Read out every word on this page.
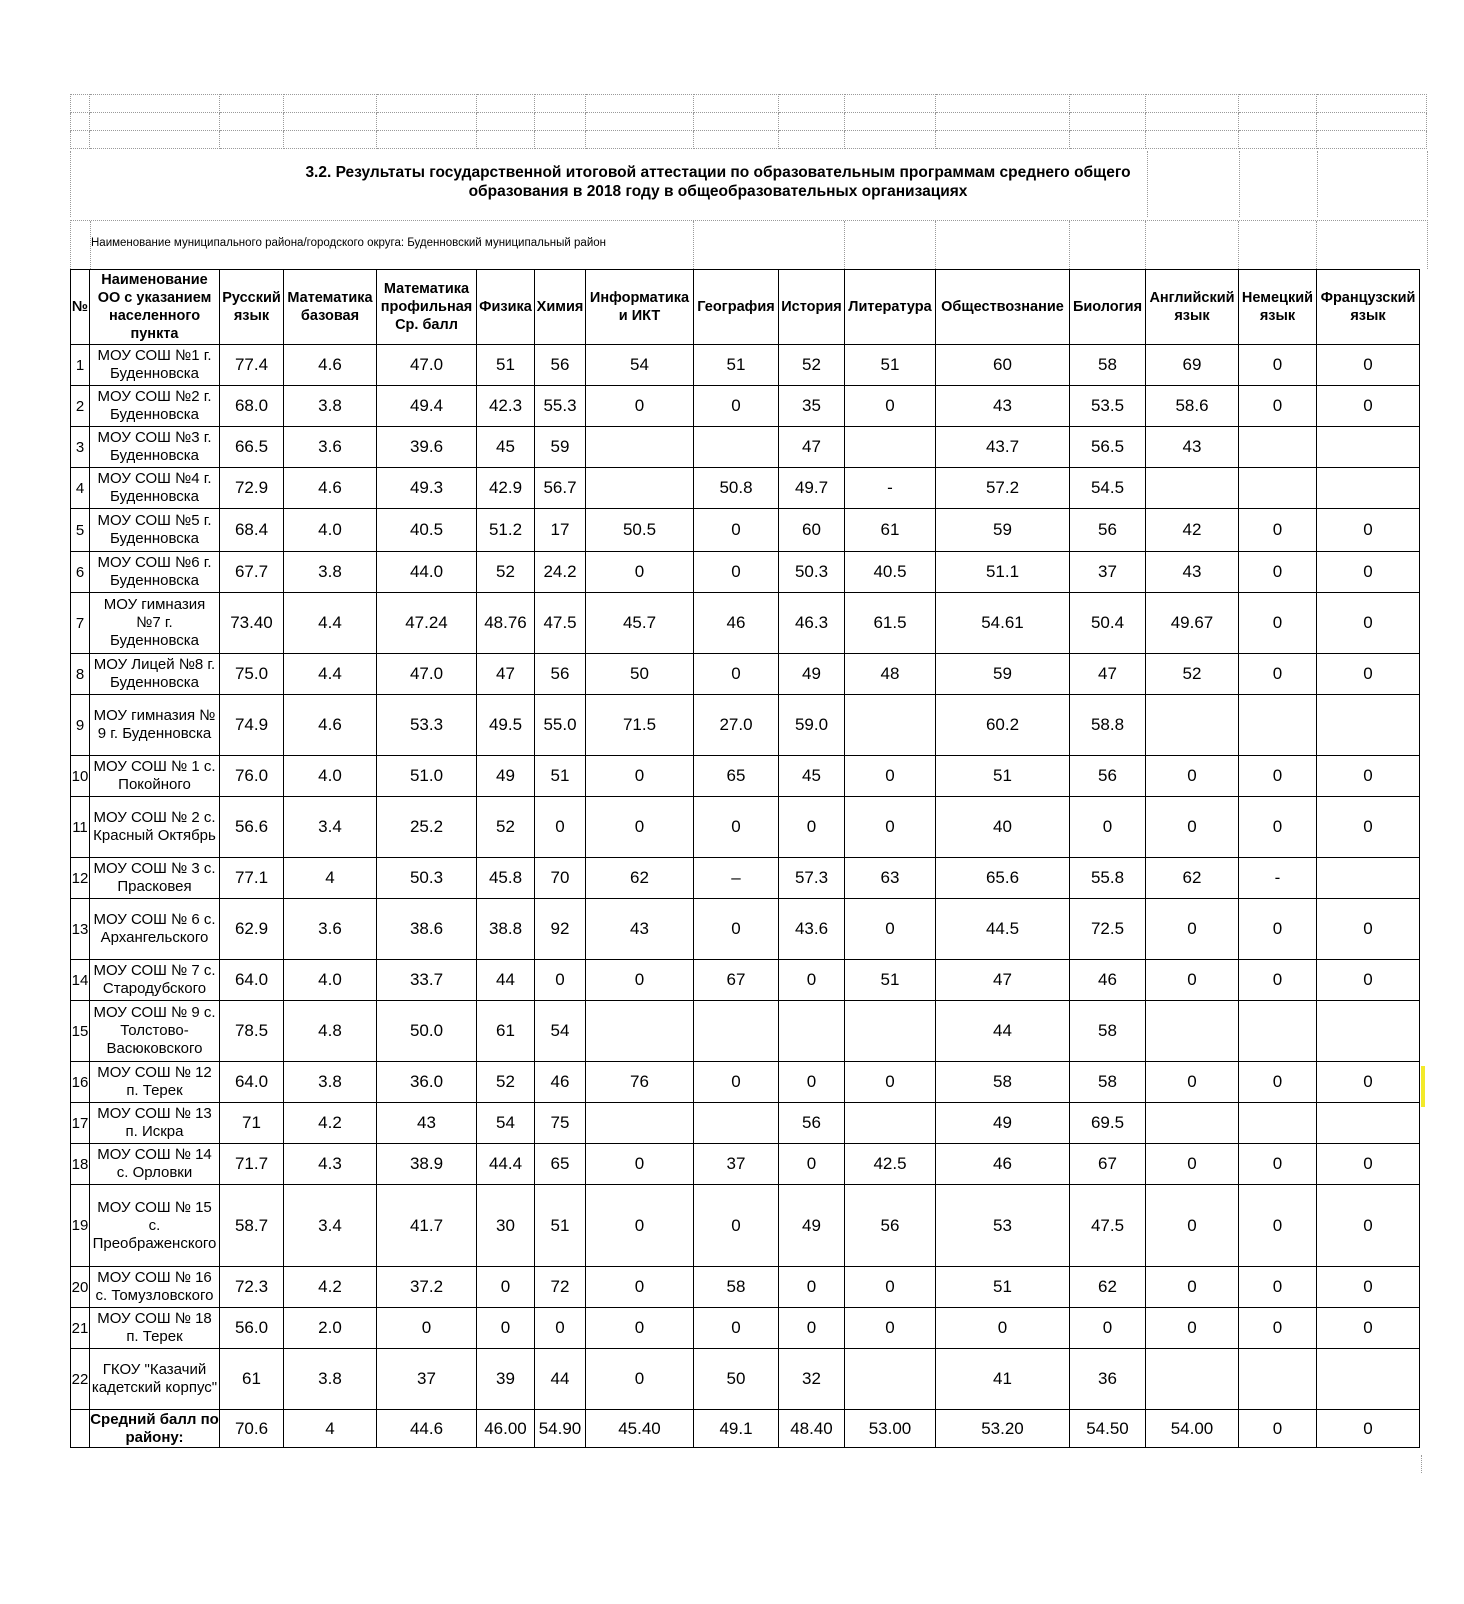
3.2. Результаты государственной итоговой аттестации по образовательным программам среднего общего образования в 2018 году в общеобразовательных организациях
Наименование муниципального района/городского округа: Буденновский муниципальный район
№	Наименование ОО с указанием населенного пункта	Русский язык	Математика базовая	Математика профильная Ср. балл	Физика	Химия	Информатика и ИКТ	География	История	Литература	Обществознание	Биология	Английский язык	Немецкий язык	Французский язык
1	МОУ СОШ №1 г. Буденновска	77.4	4.6	47.0	51	56	54	51	52	51	60	58	69	0	0
2	МОУ СОШ №2 г. Буденновска	68.0	3.8	49.4	42.3	55.3	0	0	35	0	43	53.5	58.6	0	0
3	МОУ СОШ №3 г. Буденновска	66.5	3.6	39.6	45	59			47		43.7	56.5	43		
4	МОУ СОШ №4 г. Буденновска	72.9	4.6	49.3	42.9	56.7		50.8	49.7	-	57.2	54.5			
5	МОУ СОШ №5 г. Буденновска	68.4	4.0	40.5	51.2	17	50.5	0	60	61	59	56	42	0	0
6	МОУ СОШ №6 г. Буденновска	67.7	3.8	44.0	52	24.2	0	0	50.3	40.5	51.1	37	43	0	0
7	МОУ гимназия №7 г. Буденновска	73.40	4.4	47.24	48.76	47.5	45.7	46	46.3	61.5	54.61	50.4	49.67	0	0
8	МОУ Лицей №8 г. Буденновска	75.0	4.4	47.0	47	56	50	0	49	48	59	47	52	0	0
9	МОУ гимназия № 9 г. Буденновска	74.9	4.6	53.3	49.5	55.0	71.5	27.0	59.0		60.2	58.8			
10	МОУ СОШ № 1 с. Покойного	76.0	4.0	51.0	49	51	0	65	45	0	51	56	0	0	0
11	МОУ СОШ № 2 с. Красный Октябрь	56.6	3.4	25.2	52	0	0	0	0	0	40	0	0	0	0
12	МОУ СОШ № 3 с. Прасковея	77.1	4	50.3	45.8	70	62	–	57.3	63	65.6	55.8	62	-	
13	МОУ СОШ № 6 с. Архангельского	62.9	3.6	38.6	38.8	92	43	0	43.6	0	44.5	72.5	0	0	0
14	МОУ СОШ № 7 с. Стародубского	64.0	4.0	33.7	44	0	0	67	0	51	47	46	0	0	0
15	МОУ СОШ № 9 с. Толстово-Васюковского	78.5	4.8	50.0	61	54					44	58			
16	МОУ СОШ № 12 п. Терек	64.0	3.8	36.0	52	46	76	0	0	0	58	58	0	0	0
17	МОУ СОШ № 13 п. Искра	71	4.2	43	54	75			56		49	69.5			
18	МОУ СОШ № 14 с. Орловки	71.7	4.3	38.9	44.4	65	0	37	0	42.5	46	67	0	0	0
19	МОУ СОШ № 15 с. Преображенского	58.7	3.4	41.7	30	51	0	0	49	56	53	47.5	0	0	0
20	МОУ СОШ № 16 с. Томузловского	72.3	4.2	37.2	0	72	0	58	0	0	51	62	0	0	0
21	МОУ СОШ № 18 п. Терек	56.0	2.0	0	0	0	0	0	0	0	0	0	0	0	0
22	ГКОУ "Казачий кадетский корпус"	61	3.8	37	39	44	0	50	32		41	36			
	Средний балл по району:	70.6	4	44.6	46.00	54.90	45.40	49.1	48.40	53.00	53.20	54.50	54.00	0	0
